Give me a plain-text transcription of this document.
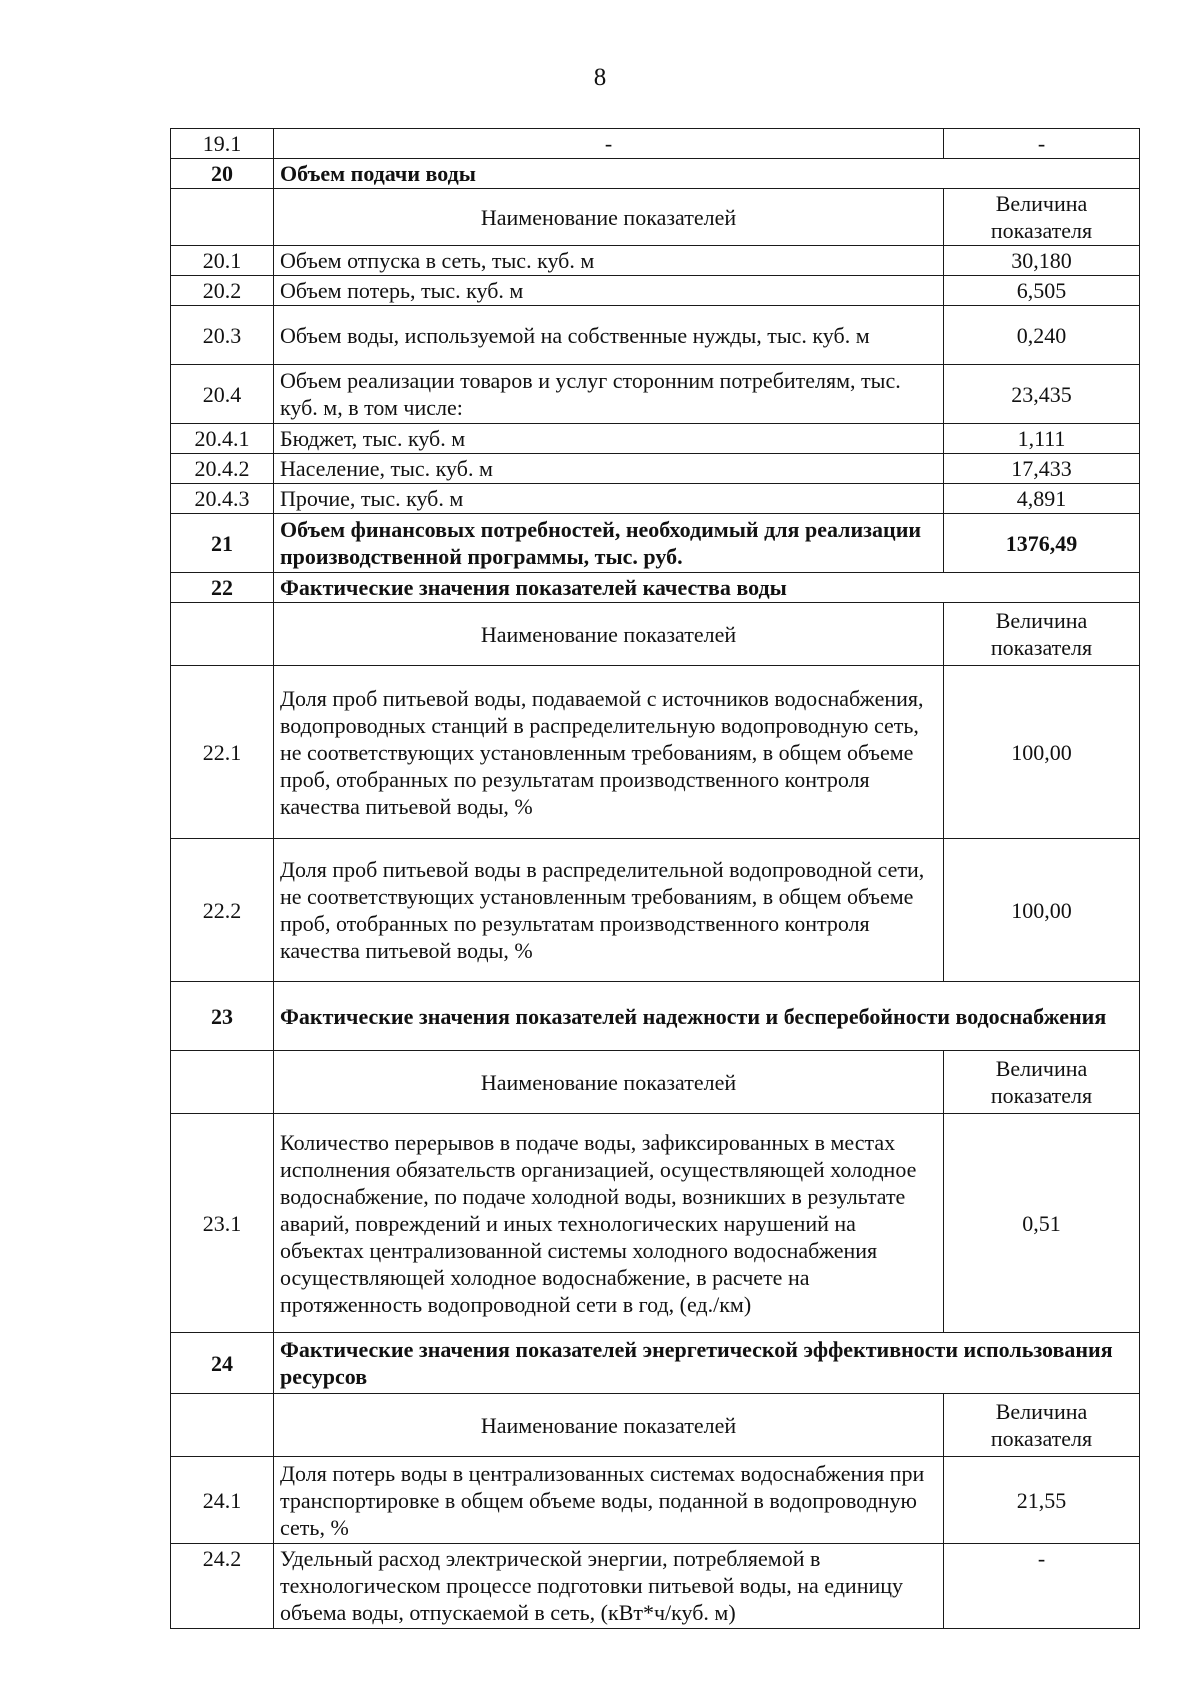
8
19.1	-	-
20	Объем подачи воды	
	Наименование показателей	Величина показателя
20.1	Объем отпуска в сеть, тыс. куб. м	30,180
20.2	Объем потерь, тыс. куб. м	6,505
20.3	Объем воды, используемой на собственные нужды, тыс. куб. м	0,240
20.4	Объем реализации товаров и услуг сторонним потребителям, тыс. куб. м, в том числе:	23,435
20.4.1	Бюджет, тыс. куб. м	1,111
20.4.2	Население, тыс. куб. м	17,433
20.4.3	Прочие, тыс. куб. м	4,891
21	Объем финансовых потребностей, необходимый для реализации производственной программы, тыс. руб.	1376,49
22	Фактические значения показателей качества воды	
	Наименование показателей	Величина показателя
22.1	Доля проб питьевой воды, подаваемой с источников водоснабжения, водопроводных станций в распределительную водопроводную сеть, не соответствующих установленным требованиям, в общем объеме проб, отобранных по результатам производственного контроля качества питьевой воды, %	100,00
22.2	Доля проб питьевой воды в распределительной водопроводной сети, не соответствующих установленным требованиям, в общем объеме проб, отобранных по результатам производственного контроля качества питьевой воды, %	100,00
23	Фактические значения показателей надежности и бесперебойности водоснабжения	
	Наименование показателей	Величина показателя
23.1	Количество перерывов в подаче воды, зафиксированных в местах исполнения обязательств организацией, осуществляющей холодное водоснабжение, по подаче холодной воды, возникших в результате аварий, повреждений и иных технологических нарушений на объектах централизованной системы холодного водоснабжения осуществляющей холодное водоснабжение, в расчете на протяженность водопроводной сети в год, (ед./км)	0,51
24	Фактические значения показателей энергетической эффективности использования ресурсов	
	Наименование показателей	Величина показателя
24.1	Доля потерь воды в централизованных системах водоснабжения при транспортировке в общем объеме воды, поданной в водопроводную сеть, %	21,55
24.2	Удельный расход электрической энергии, потребляемой в технологическом процессе подготовки питьевой воды, на единицу объема воды, отпускаемой в сеть, (кВт*ч/куб. м)	-
